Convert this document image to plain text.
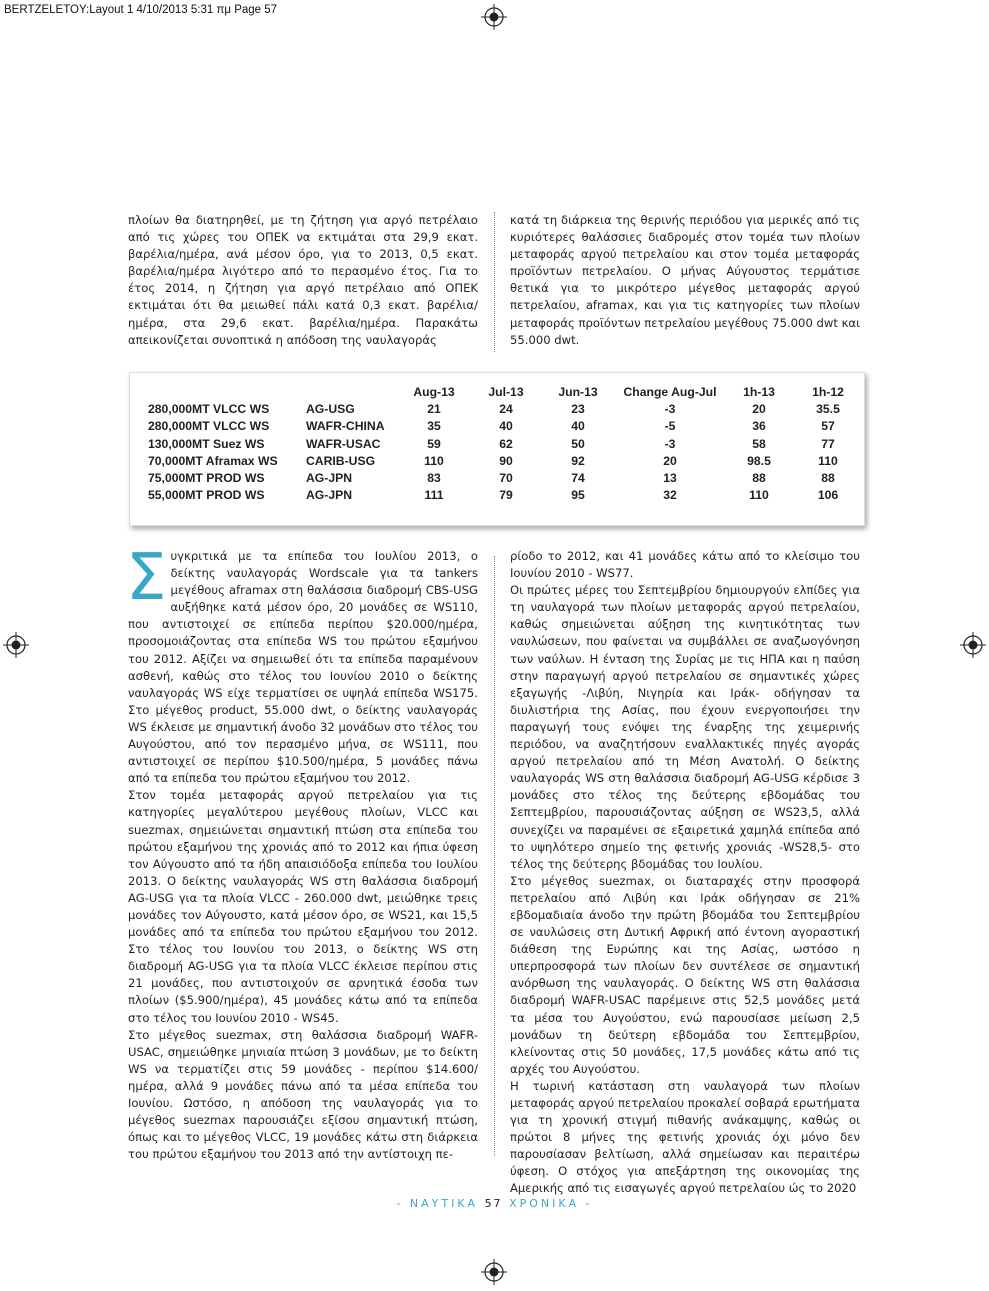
BERTZELETOY:Layout 1 4/10/2013 5:31 πμ Page 57

πλοίων θα διατηρηθεί, με τη ζήτηση για αργό πετρέλαιο από τις χώρες του ΟΠΕΚ να εκτιμάται στα 29,9 εκατ. βαρέλια/ημέρα, ανά μέσον όρο, για το 2013, 0,5 εκατ. βαρέλια/ημέρα λιγότερο από το περασμένο έτος. Για το έτος 2014, η ζήτηση για αργό πετρέλαιο από ΟΠΕΚ εκτιμάται ότι θα μειωθεί πάλι κατά 0,3 εκατ. βαρέλια/ημέρα, στα 29,6 εκατ. βαρέλια/ημέρα. Παρακάτω απεικονίζεται συνοπτικά η απόδοση της ναυλαγοράς

κατά τη διάρκεια της θερινής περιόδου για μερικές από τις κυριότερες θαλάσσιες διαδρομές στον τομέα των πλοίων μεταφοράς αργού πετρελαίου και στον τομέα μεταφοράς προϊόντων πετρελαίου. Ο μήνας Αύγουστος τερμάτισε θετικά για το μικρότερο μέγεθος μεταφοράς αργού πετρελαίου, aframax, και για τις κατηγορίες των πλοίων μεταφοράς προϊόντων πετρελαίου μεγέθους 75.000 dwt και 55.000 dwt.

		Aug-13	Jul-13	Jun-13	Change Aug-Jul	1h-13	1h-12
280,000MT VLCC WS	AG-USG	21	24	23	-3	20	35.5
280,000MT VLCC WS	WAFR-CHINA	35	40	40	-5	36	57
130,000MT Suez WS	WAFR-USAC	59	62	50	-3	58	77
70,000MT Aframax WS	CARIB-USG	110	90	92	20	98.5	110
75,000MT PROD WS	AG-JPN	83	70	74	13	88	88
55,000MT PROD WS	AG-JPN	111	79	95	32	110	106

Συγκριτικά με τα επίπεδα του Ιουλίου 2013, ο δείκτης ναυλαγοράς Wordscale για τα tankers μεγέθους aframax στη θαλάσσια διαδρομή CBS-USG αυξήθηκε κατά μέσον όρο, 20 μονάδες σε WS110, που αντιστοιχεί σε επίπεδα περίπου $20.000/ημέρα, προσομοιάζοντας στα επίπεδα WS του πρώτου εξαμήνου του 2012. Αξίζει να σημειωθεί ότι τα επίπεδα παραμένουν ασθενή, καθώς στο τέλος του Ιουνίου 2010 ο δείκτης ναυλαγοράς WS είχε τερματίσει σε υψηλά επίπεδα WS175. Στο μέγεθος product, 55.000 dwt, ο δείκτης ναυλαγοράς WS έκλεισε με σημαντική άνοδο 32 μονάδων στο τέλος του Αυγούστου, από τον περασμένο μήνα, σε WS111, που αντιστοιχεί σε περίπου $10.500/ημέρα, 5 μονάδες πάνω από τα επίπεδα του πρώτου εξαμήνου του 2012.

Στον τομέα μεταφοράς αργού πετρελαίου για τις κατηγορίες μεγαλύτερου μεγέθους πλοίων, VLCC και suezmax, σημειώνεται σημαντική πτώση στα επίπεδα του πρώτου εξαμήνου της χρονιάς από το 2012 και ήπια ύφεση τον Αύγουστο από τα ήδη απαισιόδοξα επίπεδα του Ιουλίου 2013. Ο δείκτης ναυλαγοράς WS στη θαλάσσια διαδρομή AG-USG για τα πλοία VLCC - 260.000 dwt, μειώθηκε τρεις μονάδες τον Αύγουστο, κατά μέσον όρο, σε WS21, και 15,5 μονάδες από τα επίπεδα του πρώτου εξαμήνου του 2012. Στο τέλος του Ιουνίου του 2013, ο δείκτης WS στη διαδρομή AG-USG για τα πλοία VLCC έκλεισε περίπου στις 21 μονάδες, που αντιστοιχούν σε αρνητικά έσοδα των πλοίων ($5.900/ημέρα), 45 μονάδες κάτω από τα επίπεδα στο τέλος του Ιουνίου 2010 - WS45.

Στο μέγεθος suezmax, στη θαλάσσια διαδρομή WAFR-USAC, σημειώθηκε μηνιαία πτώση 3 μονάδων, με το δείκτη WS να τερματίζει στις 59 μονάδες - περίπου $14.600/ημέρα, αλλά 9 μονάδες πάνω από τα μέσα επίπεδα του Ιουνίου. Ωστόσο, η απόδοση της ναυλαγοράς για το μέγεθος suezmax παρουσιάζει εξίσου σημαντική πτώση, όπως και το μέγεθος VLCC, 19 μονάδες κάτω στη διάρκεια του πρώτου εξαμήνου του 2013 από την αντίστοιχη πε-

ρίοδο το 2012, και 41 μονάδες κάτω από το κλείσιμο του Ιουνίου 2010 - WS77.

Οι πρώτες μέρες του Σεπτεμβρίου δημιουργούν ελπίδες για τη ναυλαγορά των πλοίων μεταφοράς αργού πετρελαίου, καθώς σημειώνεται αύξηση της κινητικότητας των ναυλώσεων, που φαίνεται να συμβάλλει σε αναζωογόνηση των ναύλων. Η ένταση της Συρίας με τις ΗΠΑ και η παύση στην παραγωγή αργού πετρελαίου σε σημαντικές χώρες εξαγωγής -Λιβύη, Νιγηρία και Ιράκ- οδήγησαν τα διυλιστήρια της Ασίας, που έχουν ενεργοποιήσει την παραγωγή τους ενόψει της έναρξης της χειμερινής περιόδου, να αναζητήσουν εναλλακτικές πηγές αγοράς αργού πετρελαίου από τη Μέση Ανατολή. Ο δείκτης ναυλαγοράς WS στη θαλάσσια διαδρομή AG-USG κέρδισε 3 μονάδες στο τέλος της δεύτερης εβδομάδας του Σεπτεμβρίου, παρουσιάζοντας αύξηση σε WS23,5, αλλά συνεχίζει να παραμένει σε εξαιρετικά χαμηλά επίπεδα από το υψηλότερο σημείο της φετινής χρονιάς -WS28,5- στο τέλος της δεύτερης βδομάδας του Ιουλίου.

Στο μέγεθος suezmax, οι διαταραχές στην προσφορά πετρελαίου από Λιβύη και Ιράκ οδήγησαν σε 21% εβδομαδιαία άνοδο την πρώτη βδομάδα του Σεπτεμβρίου σε ναυλώσεις στη Δυτική Αφρική από έντονη αγοραστική διάθεση της Ευρώπης και της Ασίας, ωστόσο η υπερπροσφορά των πλοίων δεν συντέλεσε σε σημαντική ανόρθωση της ναυλαγοράς. Ο δείκτης WS στη θαλάσσια διαδρομή WAFR-USAC παρέμεινε στις 52,5 μονάδες μετά τα μέσα του Αυγούστου, ενώ παρουσίασε μείωση 2,5 μονάδων τη δεύτερη εβδομάδα του Σεπτεμβρίου, κλείνοντας στις 50 μονάδες, 17,5 μονάδες κάτω από τις αρχές του Αυγούστου.

Η τωρινή κατάσταση στη ναυλαγορά των πλοίων μεταφοράς αργού πετρελαίου προκαλεί σοβαρά ερωτήματα για τη χρονική στιγμή πιθανής ανάκαμψης, καθώς οι πρώτοι 8 μήνες της φετινής χρονιάς όχι μόνο δεν παρουσίασαν βελτίωση, αλλά σημείωσαν και περαιτέρω ύφεση. Ο στόχος για απεξάρτηση της οικονομίας της Αμερικής από τις εισαγωγές αργού πετρελαίου ώς το 2020

- ΝΑΥΤΙΚΑ 57 ΧΡΟΝΙΚΑ -
